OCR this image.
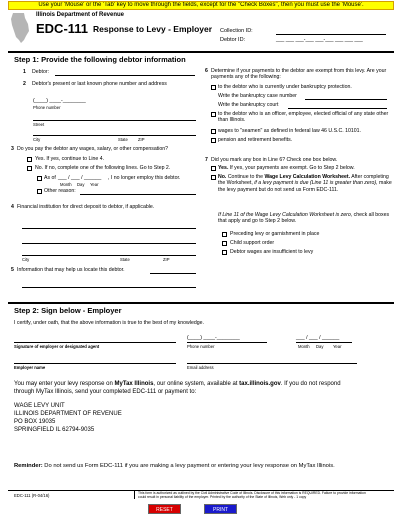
Use your 'Mouse' or the 'Tab' key to move through the fields, except for the "Check Boxes", then you must use the 'Mouse'.
Illinois Department of Revenue
EDC-111 Response to Levy - Employer Collection ID:
Debtor ID:	___ ___ ___-___ ___-___ ___ ___ ___
Step 1: Provide the following debtor information
1 Debtor:
2 Debtor's present or last known phone number and address
(____) ____-________
Phone number
Street
City	State ZIP
3 Do you pay the debtor any wages, salary, or other compensation?
Yes. If yes, continue to Line 4.
No. If no, complete one of the following lines. Go to Step 2.
As of ___ / ___ / ______ , I no longer employ this debtor.
Month Day Year
Other reason:
4 Financial institution for direct deposit to debtor, if applicable.
City	State	ZIP
5 Information that may help us locate this debtor.
6 Determine if your payments to the debtor are exempt from this levy. Are your payments any of the following:
to the debtor who is currently under bankruptcy protection.
Write the bankruptcy case number
Write the bankruptcy court
to the debtor who is an officer, employee, elected official of any state other than Illinois.
wages to "seamen" as defined in federal law 46 U.S.C. 10101.
pension and retirement benefits.
7 Did you mark any box in Line 6? Check one box below.
Yes. If yes, your payments are exempt. Go to Step 2 below.
No. Continue to the Wage Levy Calculation Worksheet. After completing the Worksheet, if a levy payment is due (Line 11 is greater than zero), make the levy payment but do not send us Form EDC-111.
If Line 11 of the Wage Levy Calculation Worksheet is zero, check all boxes that apply and go to Step 2 below.
Preceding levy or garnishment in place
Child support order
Debtor wages are insufficient to levy
Step 2: Sign below - Employer
I certify, under oath, that the above information is true to the best of my knowledge.
Signature of employer or designated agent
(____) ____-________
Phone number
___ / ___ / ______
Month Day Year
Employer name	Email address
You may enter your levy response on MyTax Illinois, our online system, available at tax.illinois.gov. If you do not respond
through MyTax Illinois, send your completed EDC-111 or payment to:
WAGE LEVY UNIT
ILLINOIS DEPARTMENT OF REVENUE
PO BOX 19035
SPRINGFIELD IL 62794-9035
Reminder: Do not send us Form EDC-111 if you are making a levy payment or entering your levy response on MyTax Illinois.
EDC-111 (R-04/16)	This form is authorized as outlined by the Civil Administrative Code of Illinois. Disclosure of this information is REQUIRED. Failure to provide information could result in personal liability of the employer. Printed by the authority of the State of Illinois, Web only - 1 copy
RESET	PRINT
